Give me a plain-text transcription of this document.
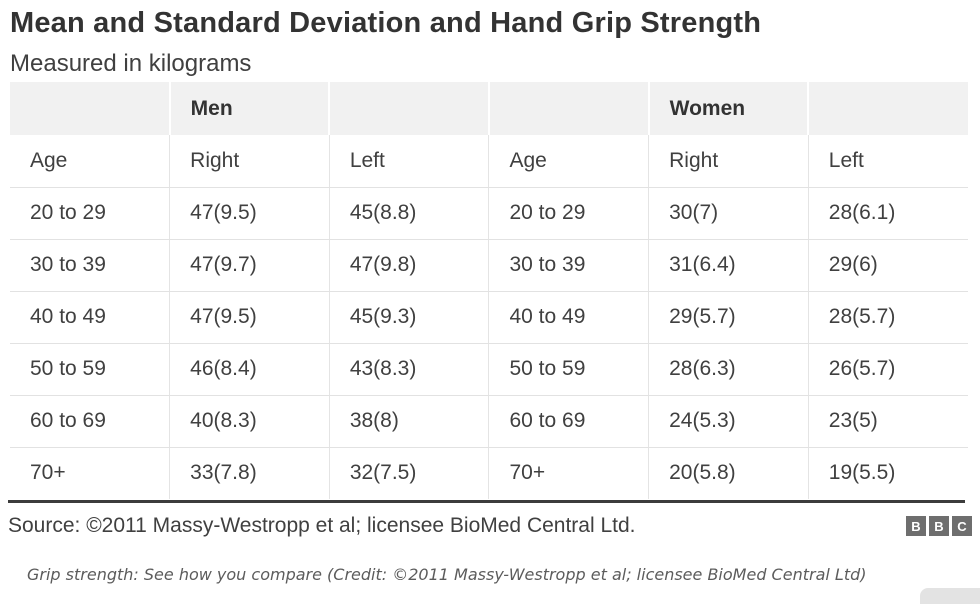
Mean and Standard Deviation and Hand Grip Strength
Measured in kilograms
	Men			Women	
Age	Right	Left	Age	Right	Left
20 to 29	47(9.5)	45(8.8)	20 to 29	30(7)	28(6.1)
30 to 39	47(9.7)	47(9.8)	30 to 39	31(6.4)	29(6)
40 to 49	47(9.5)	45(9.3)	40 to 49	29(5.7)	28(5.7)
50 to 59	46(8.4)	43(8.3)	50 to 59	28(6.3)	26(5.7)
60 to 69	40(8.3)	38(8)	60 to 69	24(5.3)	23(5)
70+	33(7.8)	32(7.5)	70+	20(5.8)	19(5.5)
Source: ©2011 Massy-Westropp et al; licensee BioMed Central Ltd.	B	B	C
Grip strength: See how you compare (Credit: ©2011 Massy-Westropp et al; licensee BioMed Central Ltd)
